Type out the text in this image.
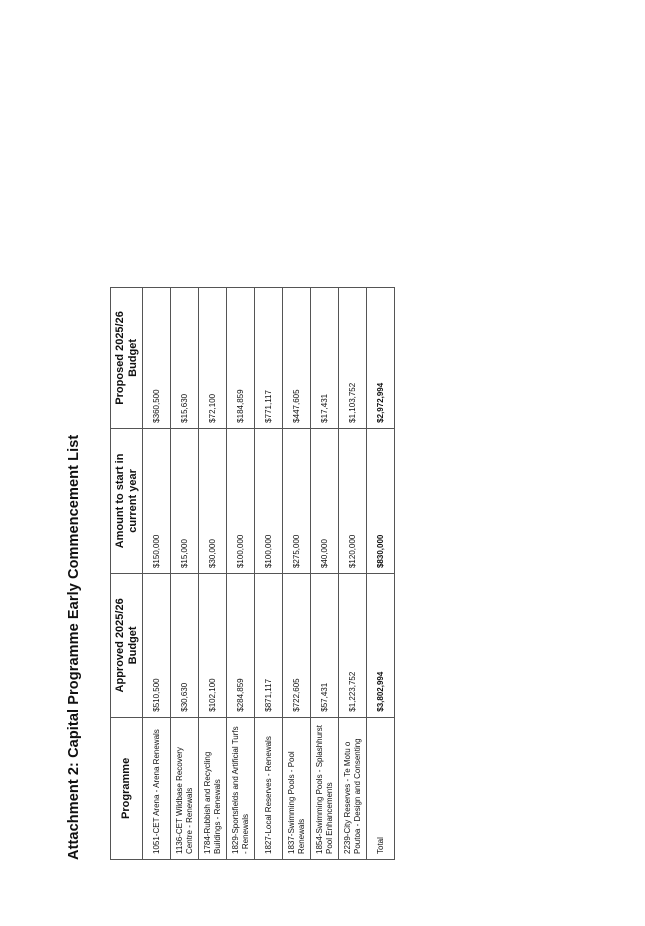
Attachment 2: Capital Programme Early Commencement List	Programme	Approved 2025/26 Budget	Amount to start in current year	Proposed 2025/26 Budget
1051-CET Arena - Arena Renewals	$510,500	$150,000	$360,500
1136-CET Wildbase Recovery Centre - Renewals	$30,630	$15,000	$15,630
1784-Rubbish and Recycling Buildings - Renewals	$102,100	$30,000	$72,100
1829-Sportsfields and Artificial Turfs - Renewals	$284,859	$100,000	$184,859
1827-Local Reserves - Renewals	$871,117	$100,000	$771,117
1837-Swimming Pools - Pool Renewals	$722,605	$275,000	$447,605
1854-Swimming Pools - Splashhurst Pool Enhancements	$57,431	$40,000	$17,431
2239-City Reserves - Te Motu o Poutoa - Design and Consenting	$1,223,752	$120,000	$1,103,752
Total	$3,802,994	$830,000	$2,972,994
